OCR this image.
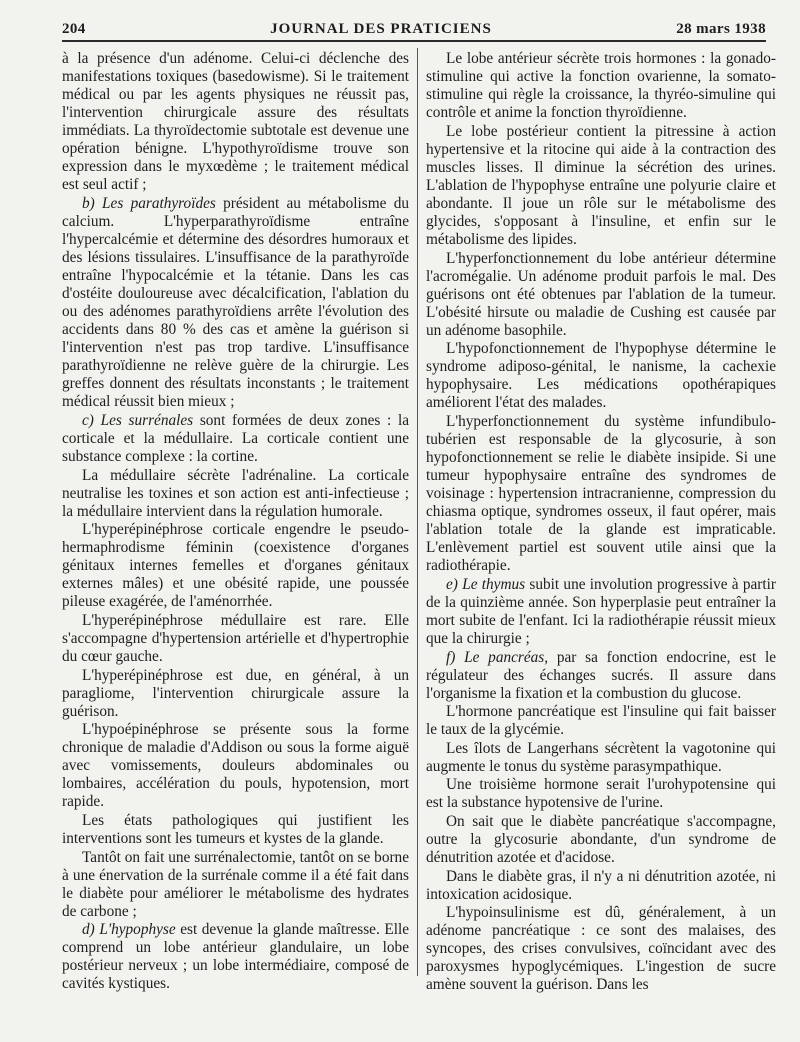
204	JOURNAL DES PRATICIENS	28 mars 1938

à la présence d'un adénome. Celui-ci déclenche des manifestations toxiques (basedowisme). Si le traitement médical ou par les agents physiques ne réussit pas, l'intervention chirurgicale assure des résultats immédiats. La thyroïdectomie subtotale est devenue une opération bénigne. L'hypothyroïdisme trouve son expression dans le myxœdème ; le traitement médical est seul actif ;

b) Les parathyroïdes président au métabolisme du calcium. L'hyperparathyroïdisme entraîne l'hypercalcémie et détermine des désordres humoraux et des lésions tissulaires. L'insuffisance de la parathyroïde entraîne l'hypocalcémie et la tétanie. Dans les cas d'ostéite douloureuse avec décalcification, l'ablation du ou des adénomes parathyroïdiens arrête l'évolution des accidents dans 80 % des cas et amène la guérison si l'intervention n'est pas trop tardive. L'insuffisance parathyroïdienne ne relève guère de la chirurgie. Les greffes donnent des résultats inconstants ; le traitement médical réussit bien mieux ;

c) Les surrénales sont formées de deux zones : la corticale et la médullaire. La corticale contient une substance complexe : la cortine.

La médullaire sécrète l'adrénaline. La corticale neutralise les toxines et son action est anti-infectieuse ; la médullaire intervient dans la régulation humorale.

L'hyperépinéphrose corticale engendre le pseudo-hermaphrodisme féminin (coexistence d'organes génitaux internes femelles et d'organes génitaux externes mâles) et une obésité rapide, une poussée pileuse exagérée, de l'aménorrhée.

L'hyperépinéphrose médullaire est rare. Elle s'accompagne d'hypertension artérielle et d'hypertrophie du cœur gauche.

L'hyperépinéphrose est due, en général, à un paragliome, l'intervention chirurgicale assure la guérison.

L'hypoépinéphrose se présente sous la forme chronique de maladie d'Addison ou sous la forme aiguë avec vomissements, douleurs abdominales ou lombaires, accélération du pouls, hypotension, mort rapide.

Les états pathologiques qui justifient les interventions sont les tumeurs et kystes de la glande.

Tantôt on fait une surrénalectomie, tantôt on se borne à une énervation de la surrénale comme il a été fait dans le diabète pour améliorer le métabolisme des hydrates de carbone ;

d) L'hypophyse est devenue la glande maîtresse. Elle comprend un lobe antérieur glandulaire, un lobe postérieur nerveux ; un lobe intermédiaire, composé de cavités kystiques.

Le lobe antérieur sécrète trois hormones : la gonado-stimuline qui active la fonction ovarienne, la somato-stimuline qui règle la croissance, la thyréo-simuline qui contrôle et anime la fonction thyroïdienne.

Le lobe postérieur contient la pitressine à action hypertensive et la ritocine qui aide à la contraction des muscles lisses. Il diminue la sécrétion des urines. L'ablation de l'hypophyse entraîne une polyurie claire et abondante. Il joue un rôle sur le métabolisme des glycides, s'opposant à l'insuline, et enfin sur le métabolisme des lipides.

L'hyperfonctionnement du lobe antérieur détermine l'acromégalie. Un adénome produit parfois le mal. Des guérisons ont été obtenues par l'ablation de la tumeur. L'obésité hirsute ou maladie de Cushing est causée par un adénome basophile.

L'hypofonctionnement de l'hypophyse détermine le syndrome adiposo-génital, le nanisme, la cachexie hypophysaire. Les médications opothérapiques améliorent l'état des malades.

L'hyperfonctionnement du système infundibulo-tubérien est responsable de la glycosurie, à son hypofonctionnement se relie le diabète insipide. Si une tumeur hypophysaire entraîne des syndromes de voisinage : hypertension intracranienne, compression du chiasma optique, syndromes osseux, il faut opérer, mais l'ablation totale de la glande est impraticable. L'enlèvement partiel est souvent utile ainsi que la radiothérapie.

e) Le thymus subit une involution progressive à partir de la quinzième année. Son hyperplasie peut entraîner la mort subite de l'enfant. Ici la radiothérapie réussit mieux que la chirurgie ;

f) Le pancréas, par sa fonction endocrine, est le régulateur des échanges sucrés. Il assure dans l'organisme la fixation et la combustion du glucose.

L'hormone pancréatique est l'insuline qui fait baisser le taux de la glycémie.

Les îlots de Langerhans sécrètent la vagotonine qui augmente le tonus du système parasympathique.

Une troisième hormone serait l'urohypotensine qui est la substance hypotensive de l'urine.

On sait que le diabète pancréatique s'accompagne, outre la glycosurie abondante, d'un syndrome de dénutrition azotée et d'acidose.

Dans le diabète gras, il n'y a ni dénutrition azotée, ni intoxication acidosique.

L'hypoinsulinisme est dû, généralement, à un adénome pancréatique : ce sont des malaises, des syncopes, des crises convulsives, coïncidant avec des paroxysmes hypoglycémiques. L'ingestion de sucre amène souvent la guérison. Dans les
